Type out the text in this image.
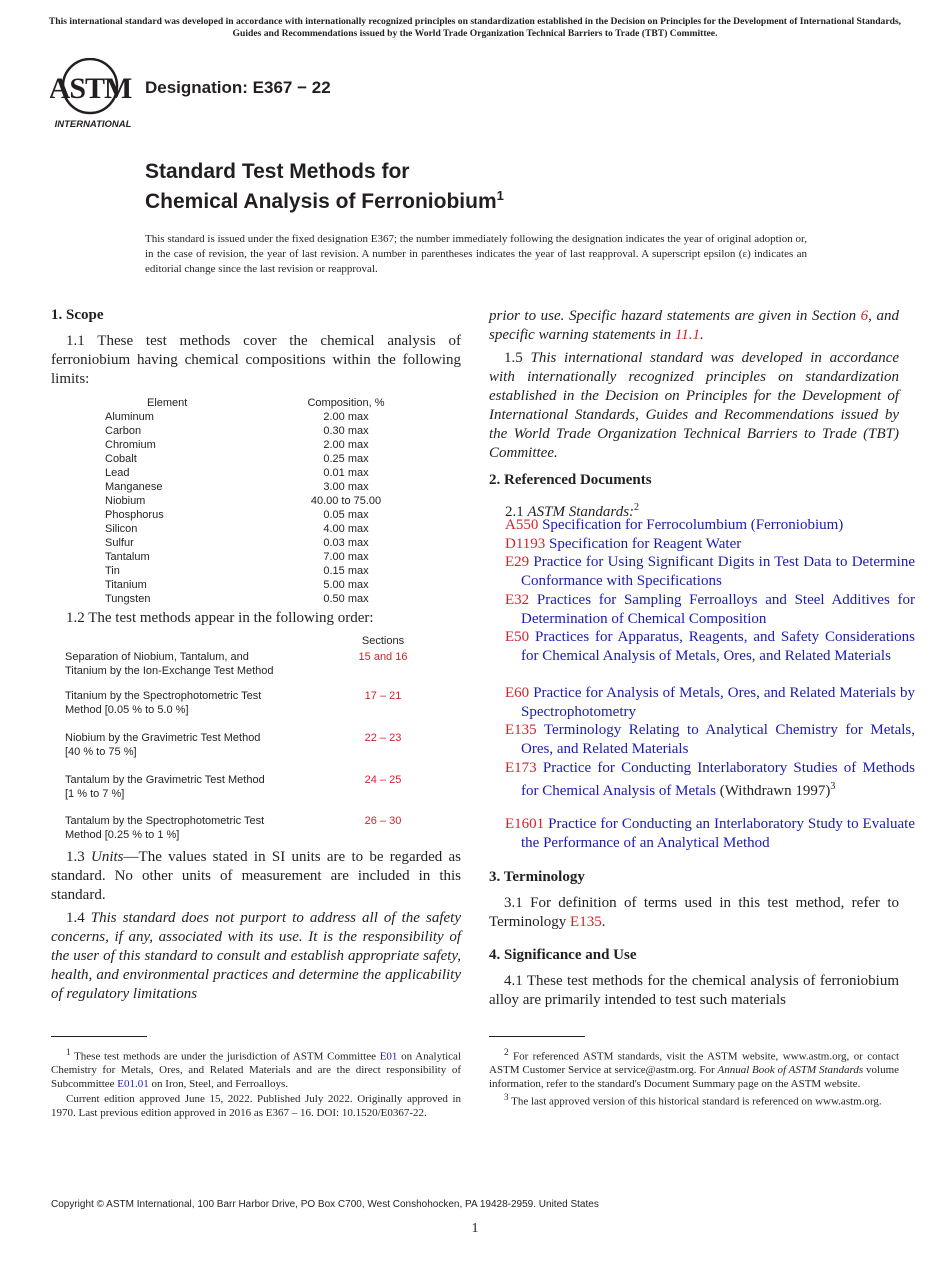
This international standard was developed in accordance with internationally recognized principles on standardization established in the Decision on Principles for the Development of International Standards, Guides and Recommendations issued by the World Trade Organization Technical Barriers to Trade (TBT) Committee.
ASTM
INTERNATIONAL
Designation: E367 − 22
Standard Test Methods for
Chemical Analysis of Ferroniobium$^1$
This standard is issued under the fixed designation E367; the number immediately following the designation indicates the year of original adoption or, in the case of revision, the year of last revision. A number in parentheses indicates the year of last reapproval. A superscript epsilon (ε) indicates an editorial change since the last revision or reapproval.
1. Scope

1.1 These test methods cover the chemical analysis of ferroniobium having chemical compositions within the following limits:

Element	Composition, %
Aluminum	2.00 max
Carbon	0.30 max
Chromium	2.00 max
Cobalt	0.25 max
Lead	0.01 max
Manganese	3.00 max
Niobium	40.00 to 75.00
Phosphorus	0.05 max
Silicon	4.00 max
Sulfur	0.03 max
Tantalum	7.00 max
Tin	0.15 max
Titanium	5.00 max
Tungsten	0.50 max

1.2 The test methods appear in the following order:

Sections
Separation of Niobium, Tantalum, and
Titanium by the Ion-Exchange Test Method
15 and 16
Titanium by the Spectrophotometric Test
Method [0.05 % to 5.0 %]
17 – 21
Niobium by the Gravimetric Test Method
[40 % to 75 %]
22 – 23
Tantalum by the Gravimetric Test Method
[1 % to 7 %]
24 – 25
Tantalum by the Spectrophotometric Test
Method [0.25 % to 1 %]
26 – 30

1.3 Units—The values stated in SI units are to be regarded as standard. No other units of measurement are included in this standard.

1.4 This standard does not purport to address all of the safety concerns, if any, associated with its use. It is the responsibility of the user of this standard to consult and establish appropriate safety, health, and environmental practices and determine the applicability of regulatory limitations

$^1$ These test methods are under the jurisdiction of ASTM Committee E01 on Analytical Chemistry for Metals, Ores, and Related Materials and are the direct responsibility of Subcommittee E01.01 on Iron, Steel, and Ferroalloys.

Current edition approved June 15, 2022. Published July 2022. Originally approved in 1970. Last previous edition approved in 2016 as E367 – 16. DOI: 10.1520/E0367-22.

prior to use. Specific hazard statements are given in Section 6, and specific warning statements in 11.1.

1.5 This international standard was developed in accordance with internationally recognized principles on standardization established in the Decision on Principles for the Development of International Standards, Guides and Recommendations issued by the World Trade Organization Technical Barriers to Trade (TBT) Committee.

2. Referenced Documents
2.1 ASTM Standards:$^2$
A550 Specification for Ferrocolumbium (Ferroniobium)
D1193 Specification for Reagent Water
E29 Practice for Using Significant Digits in Test Data to Determine Conformance with Specifications
E32 Practices for Sampling Ferroalloys and Steel Additives for Determination of Chemical Composition
E50 Practices for Apparatus, Reagents, and Safety Considerations for Chemical Analysis of Metals, Ores, and Related Materials
E60 Practice for Analysis of Metals, Ores, and Related Materials by Spectrophotometry
E135 Terminology Relating to Analytical Chemistry for Metals, Ores, and Related Materials
E173 Practice for Conducting Interlaboratory Studies of Methods for Chemical Analysis of Metals (Withdrawn 1997)$^3$
E1601 Practice for Conducting an Interlaboratory Study to Evaluate the Performance of an Analytical Method
3. Terminology

3.1 For definition of terms used in this test method, refer to Terminology E135.

4. Significance and Use

4.1 These test methods for the chemical analysis of ferroniobium alloy are primarily intended to test such materials

$^2$ For referenced ASTM standards, visit the ASTM website, www.astm.org, or contact ASTM Customer Service at service@astm.org. For Annual Book of ASTM Standards volume information, refer to the standard's Document Summary page on the ASTM website.

$^3$ The last approved version of this historical standard is referenced on www.astm.org.

Copyright © ASTM International, 100 Barr Harbor Drive, PO Box C700, West Conshohocken, PA 19428-2959. United States
1
